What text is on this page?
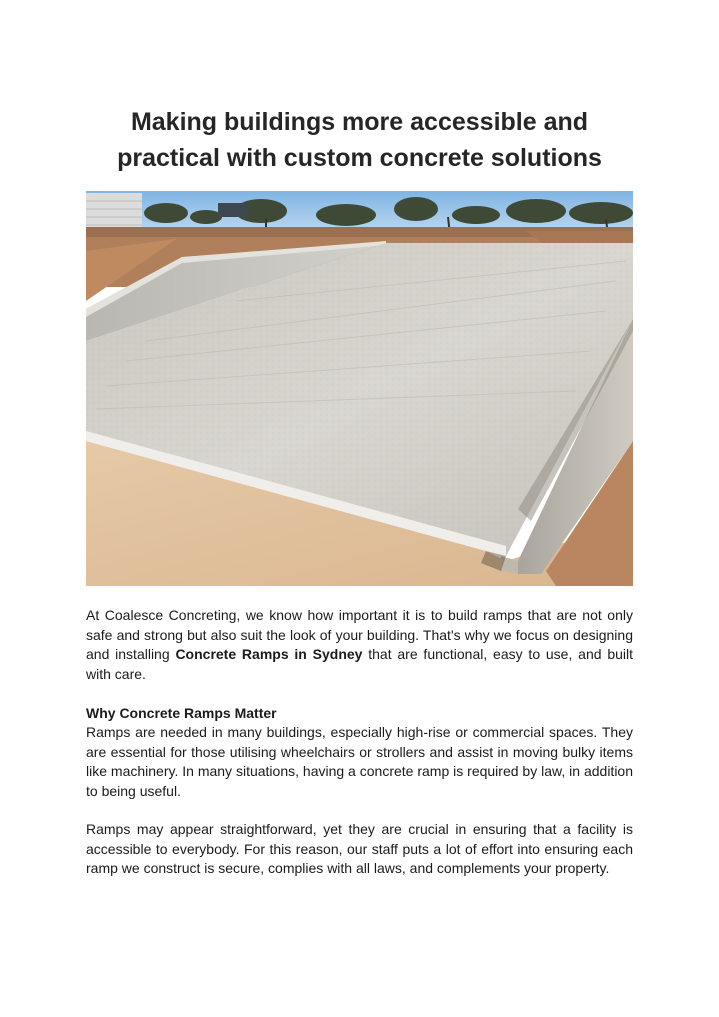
Making buildings more accessible and
practical with custom concrete solutions

At Coalesce Concreting, we know how important it is to build ramps that are not only safe and strong but also suit the look of your building. That's why we focus on designing and installing Concrete Ramps in Sydney that are functional, easy to use, and built with care.

Why Concrete Ramps Matter

Ramps are needed in many buildings, especially high-rise or commercial spaces. They are essential for those utilising wheelchairs or strollers and assist in moving bulky items like machinery. In many situations, having a concrete ramp is required by law, in addition to being useful.

Ramps may appear straightforward, yet they are crucial in ensuring that a facility is accessible to everybody. For this reason, our staff puts a lot of effort into ensuring each ramp we construct is secure, complies with all laws, and complements your property.
